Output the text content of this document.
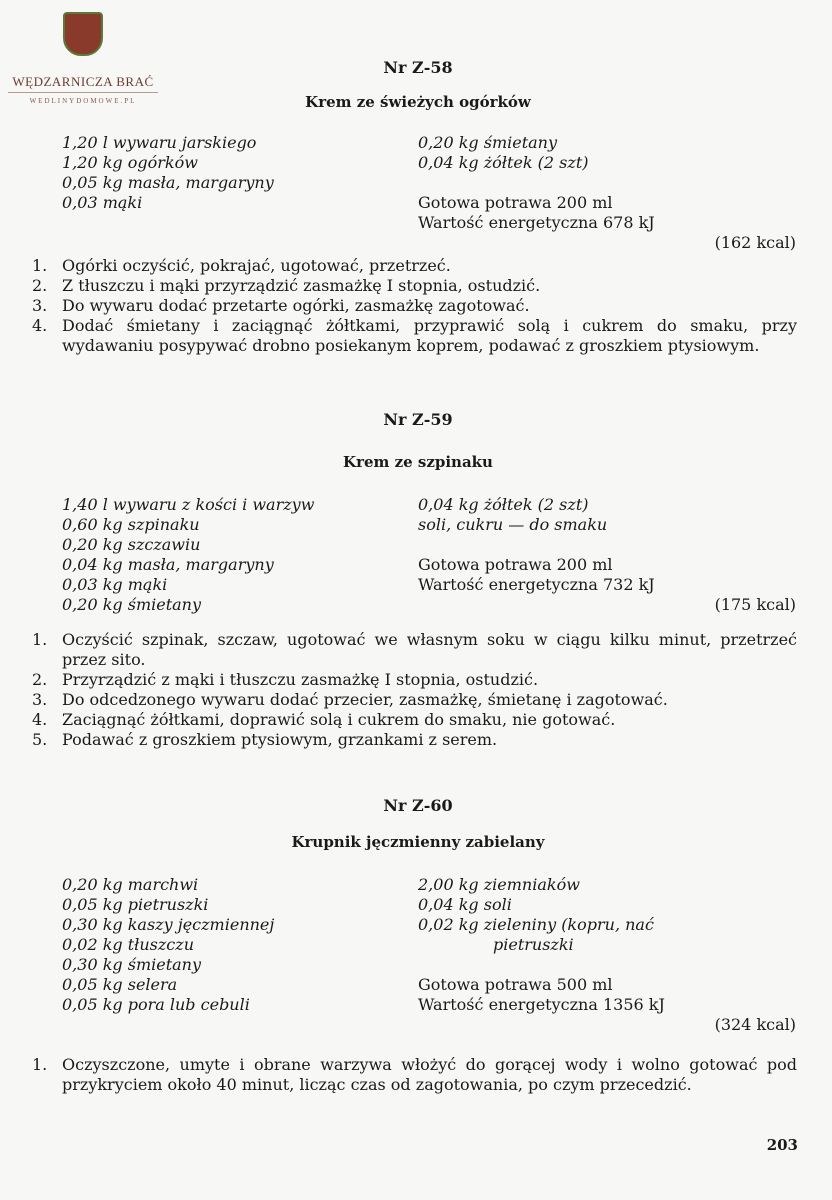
WĘDZARNICZA BRAĆ
WEDLINYDOMOWE.PL
Nr Z-58
Krem ze świeżych ogórków
1,20 l wywaru jarskiego
1,20 kg ogórków
0,05 kg masła, margaryny
0,03 mąki
0,20 kg śmietany
0,04 kg żółtek (2 szt)
Gotowa potrawa 200 ml
Wartość energetyczna 678 kJ
(162 kcal)
1. Ogórki oczyścić, pokrajać, ugotować, przetrzeć.
2. Z tłuszczu i mąki przyrządzić zasmażkę I stopnia, ostudzić.
3. Do wywaru dodać przetarte ogórki, zasmażkę zagotować.
4. Dodać śmietany i zaciągnąć żółtkami, przyprawić solą i cukrem do smaku, przy wydawaniu posypywać drobno posiekanym koprem, podawać z groszkiem ptysiowym.
Nr Z-59
Krem ze szpinaku
1,40 l wywaru z kości i warzyw
0,60 kg szpinaku
0,20 kg szczawiu
0,04 kg masła, margaryny
0,03 kg mąki
0,20 kg śmietany
0,04 kg żółtek (2 szt)
soli, cukru — do smaku
Gotowa potrawa 200 ml
Wartość energetyczna 732 kJ
(175 kcal)
1. Oczyścić szpinak, szczaw, ugotować we własnym soku w ciągu kilku minut, przetrzeć przez sito.
2. Przyrządzić z mąki i tłuszczu zasmażkę I stopnia, ostudzić.
3. Do odcedzonego wywaru dodać przecier, zasmażkę, śmietanę i zagotować.
4. Zaciągnąć żółtkami, doprawić solą i cukrem do smaku, nie gotować.
5. Podawać z groszkiem ptysiowym, grzankami z serem.
Nr Z-60
Krupnik jęczmienny zabielany
0,20 kg marchwi
0,05 kg pietruszki
0,30 kg kaszy jęczmiennej
0,02 kg tłuszczu
0,30 kg śmietany
0,05 kg selera
0,05 kg pora lub cebuli
2,00 kg ziemniaków
0,04 kg soli
0,02 kg zieleniny (kopru, nać
pietruszki
Gotowa potrawa 500 ml
Wartość energetyczna 1356 kJ
(324 kcal)
1. Oczyszczone, umyte i obrane warzywa włożyć do gorącej wody i wolno gotować pod przykryciem około 40 minut, licząc czas od zagotowania, po czym przecedzić.
203
